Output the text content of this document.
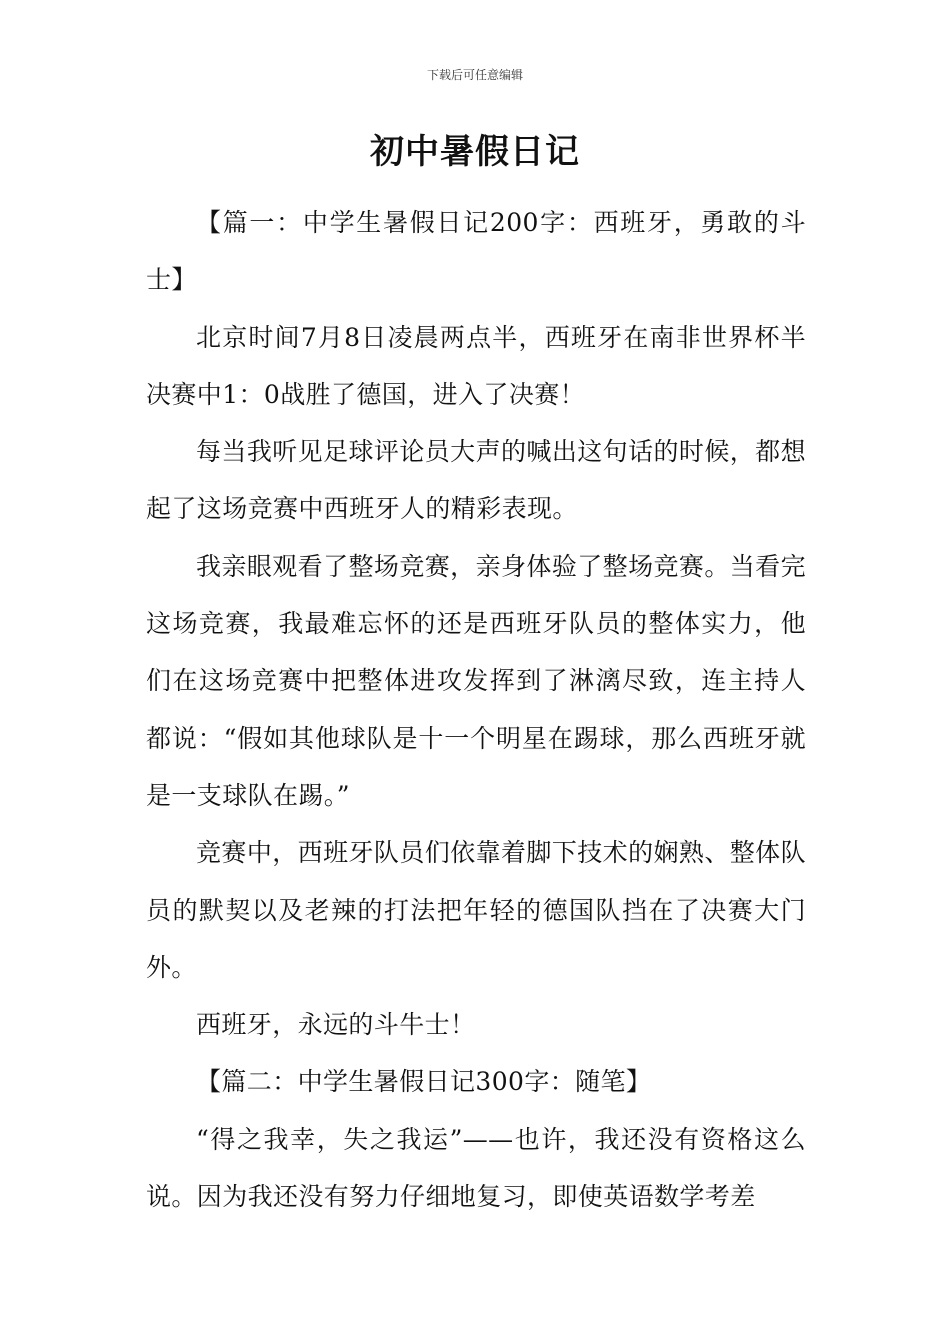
下载后可任意编辑
初中暑假日记

【篇一：中学生暑假日记200字：西班牙，勇敢的斗士】

北京时间7月8日凌晨两点半，西班牙在南非世界杯半决赛中1：0战胜了德国，进入了决赛！

每当我听见足球评论员大声的喊出这句话的时候，都想起了这场竞赛中西班牙人的精彩表现。

我亲眼观看了整场竞赛，亲身体验了整场竞赛。当看完这场竞赛，我最难忘怀的还是西班牙队员的整体实力，他们在这场竞赛中把整体进攻发挥到了淋漓尽致，连主持人都说：“假如其他球队是十一个明星在踢球，那么西班牙就是一支球队在踢。”

竞赛中，西班牙队员们依靠着脚下技术的娴熟、整体队员的默契以及老辣的打法把年轻的德国队挡在了决赛大门外。

西班牙，永远的斗牛士！

【篇二：中学生暑假日记300字：随笔】

“得之我幸，失之我运”——也许，我还没有资格这么说。因为我还没有努力仔细地复习，即使英语数学考差
